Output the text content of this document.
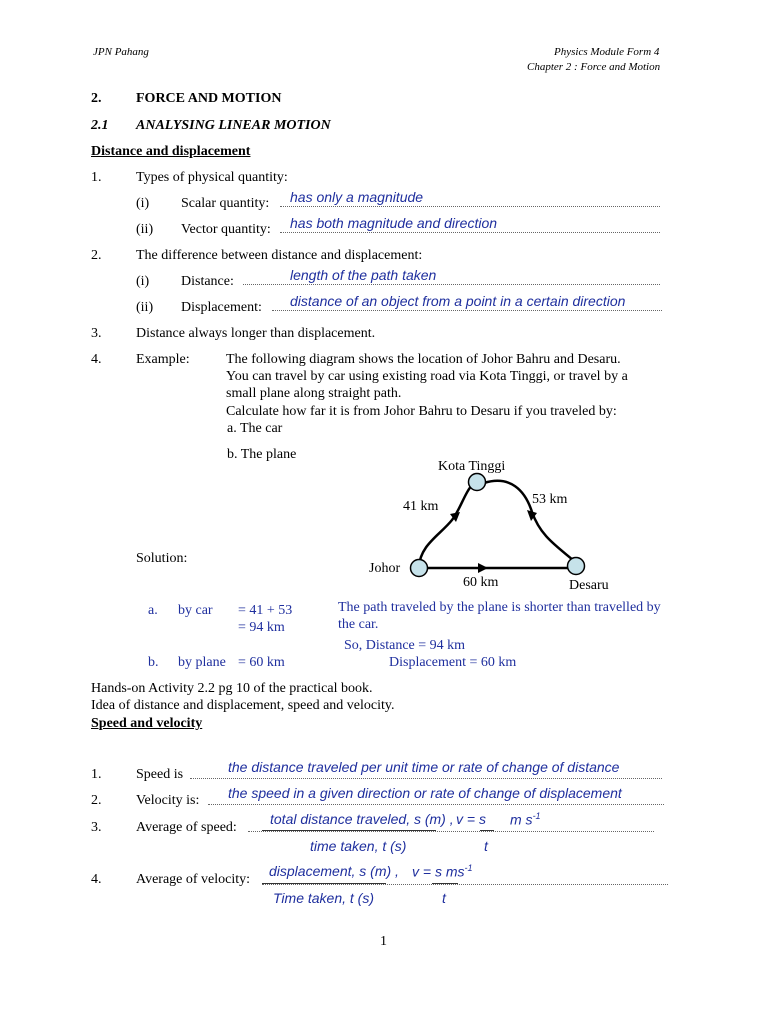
JPN Pahang	Physics Module Form 4
Chapter 2 : Force and Motion
2. FORCE AND MOTION
2.1 ANALYSING LINEAR MOTION
Distance and displacement
1. Types of physical quantity:
(i) Scalar quantity: has only a magnitude
(ii) Vector quantity: has both magnitude and direction
2. The difference between distance and displacement:
(i) Distance:	length of the path taken
(ii) Displacement: distance of an object from a point in a certain direction
3. Distance always longer than displacement.
4. Example:	The following diagram shows the location of Johor Bahru and Desaru.
You can travel by car using existing road via Kota Tinggi, or travel by a
small plane along straight path.
Calculate how far it is from Johor Bahru to Desaru if you traveled by:
a. The car
b. The plane
Kota Tinggi
41 km	53 km
Johor
60 km	Desaru
Solution:
a. by car = 41 + 53
= 94 km
b. by plane = 60 km
The path traveled by the plane is shorter than travelled by
the car.
So, Distance = 94 km
Displacement = 60 km
Hands-on Activity 2.2 pg 10 of the practical book.
Idea of distance and displacement, speed and velocity.
Speed and velocity
1. Speed is	the distance traveled per unit time or rate of change of distance
2. Velocity is: the speed in a given direction or rate of change of displacement
3. Average of speed:
total distance traveled, s (m) , v = s m $s^{-1}$
time taken, t (s)	t
4. Average of velocity:
displacement, s (m) , v = s $ms^{-1}$
Time taken, t (s)	t
1
